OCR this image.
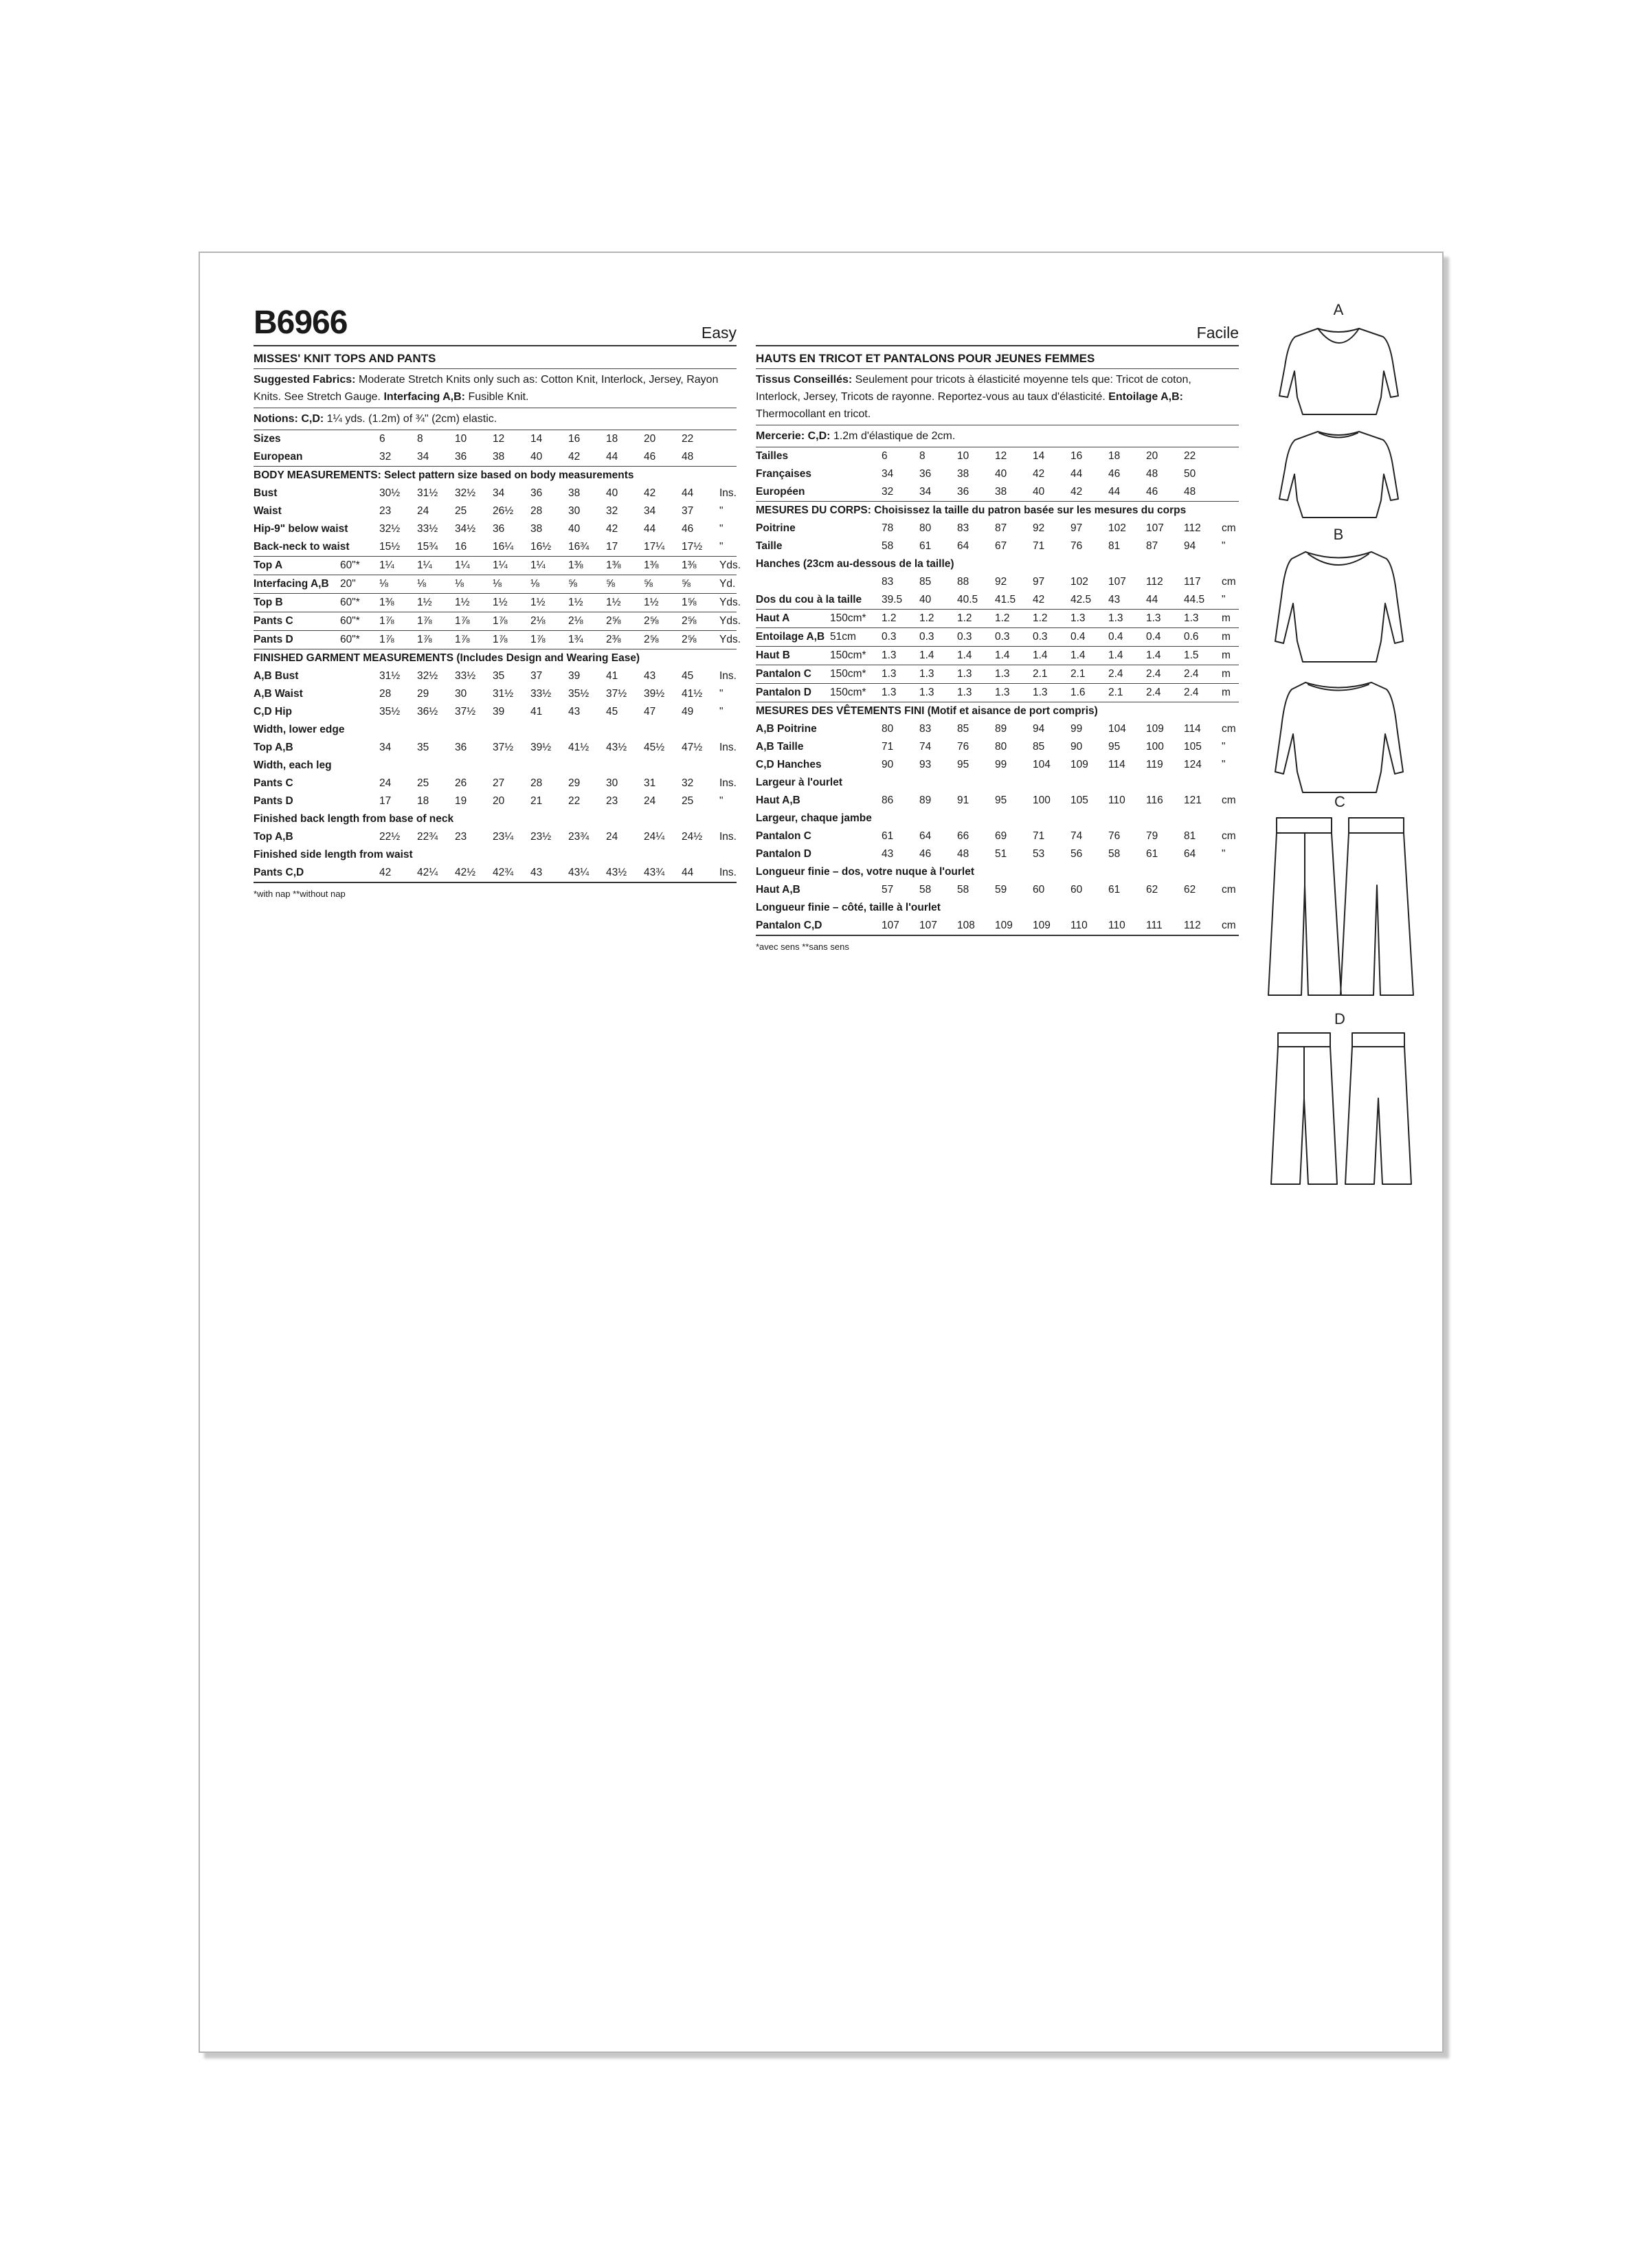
B6966	Easy
MISSES' KNIT TOPS AND PANTS
Suggested Fabrics: Moderate Stretch Knits only such as: Cotton Knit, Interlock, Jersey, Rayon Knits. See Stretch Gauge. Interfacing A,B: Fusible Knit.
Notions: C,D: 1¼ yds. (1.2m) of ¾" (2cm) elastic.
Sizes		6	8	10	12	14	16	18	20	22	
European		32	34	36	38	40	42	44	46	48	
BODY MEASUREMENTS: Select pattern size based on body measurements											
Bust		30½	31½	32½	34	36	38	40	42	44	Ins.
Waist		23	24	25	26½	28	30	32	34	37	"
Hip-9" below waist		32½	33½	34½	36	38	40	42	44	46	"
Back-neck to waist		15½	15¾	16	16¼	16½	16¾	17	17¼	17½	"
Top A	60"*	1¼	1¼	1¼	1¼	1¼	1⅜	1⅜	1⅜	1⅜	Yds.
Interfacing A,B	20"	⅛	⅛	⅛	⅛	⅛	⅝	⅝	⅝	⅝	Yd.
Top B	60"*	1⅜	1½	1½	1½	1½	1½	1½	1½	1⅝	Yds.
Pants C	60"*	1⅞	1⅞	1⅞	1⅞	2⅛	2⅛	2⅝	2⅝	2⅝	Yds.
Pants D	60"*	1⅞	1⅞	1⅞	1⅞	1⅞	1¾	2⅜	2⅝	2⅝	Yds.
FINISHED GARMENT MEASUREMENTS (Includes Design and Wearing Ease)											
A,B Bust		31½	32½	33½	35	37	39	41	43	45	Ins.
A,B Waist		28	29	30	31½	33½	35½	37½	39½	41½	"
C,D Hip		35½	36½	37½	39	41	43	45	47	49	"
Width, lower edge											
Top A,B		34	35	36	37½	39½	41½	43½	45½	47½	Ins.
Width, each leg											
Pants C		24	25	26	27	28	29	30	31	32	Ins.
Pants D		17	18	19	20	21	22	23	24	25	"
Finished back length from base of neck											
Top A,B		22½	22¾	23	23¼	23½	23¾	24	24¼	24½	Ins.
Finished side length from waist											
Pants C,D		42	42¼	42½	42¾	43	43¼	43½	43¾	44	Ins.
*with nap **without nap
Facile
HAUTS EN TRICOT ET PANTALONS POUR JEUNES FEMMES
Tissus Conseillés: Seulement pour tricots à élasticité moyenne tels que: Tricot de coton, Interlock, Jersey, Tricots de rayonne. Reportez-vous au taux d'élasticité. Entoilage A,B: Thermocollant en tricot.
Mercerie: C,D: 1.2m d'élastique de 2cm.
Tailles		6	8	10	12	14	16	18	20	22	
Françaises		34	36	38	40	42	44	46	48	50	
Européen		32	34	36	38	40	42	44	46	48	
MESURES DU CORPS: Choisissez la taille du patron basée sur les mesures du corps											
Poitrine		78	80	83	87	92	97	102	107	112	cm
Taille		58	61	64	67	71	76	81	87	94	"
Hanches (23cm au-dessous de la taille)											
		83	85	88	92	97	102	107	112	117	cm
Dos du cou à la taille		39.5	40	40.5	41.5	42	42.5	43	44	44.5	"
Haut A	150cm*	1.2	1.2	1.2	1.2	1.2	1.3	1.3	1.3	1.3	m
Entoilage A,B	51cm	0.3	0.3	0.3	0.3	0.3	0.4	0.4	0.4	0.6	m
Haut B	150cm*	1.3	1.4	1.4	1.4	1.4	1.4	1.4	1.4	1.5	m
Pantalon C	150cm*	1.3	1.3	1.3	1.3	2.1	2.1	2.4	2.4	2.4	m
Pantalon D	150cm*	1.3	1.3	1.3	1.3	1.3	1.6	2.1	2.4	2.4	m
MESURES DES VÊTEMENTS FINI (Motif et aisance de port compris)											
A,B Poitrine		80	83	85	89	94	99	104	109	114	cm
A,B Taille		71	74	76	80	85	90	95	100	105	"
C,D Hanches		90	93	95	99	104	109	114	119	124	"
Largeur à l'ourlet											
Haut A,B		86	89	91	95	100	105	110	116	121	cm
Largeur, chaque jambe											
Pantalon C		61	64	66	69	71	74	76	79	81	cm
Pantalon D		43	46	48	51	53	56	58	61	64	"
Longueur finie – dos, votre nuque à l'ourlet											
Haut A,B		57	58	58	59	60	60	61	62	62	cm
Longueur finie – côté, taille à l'ourlet											
Pantalon C,D		107	107	108	109	109	110	110	111	112	cm
*avec sens **sans sens
A
B
C
D
